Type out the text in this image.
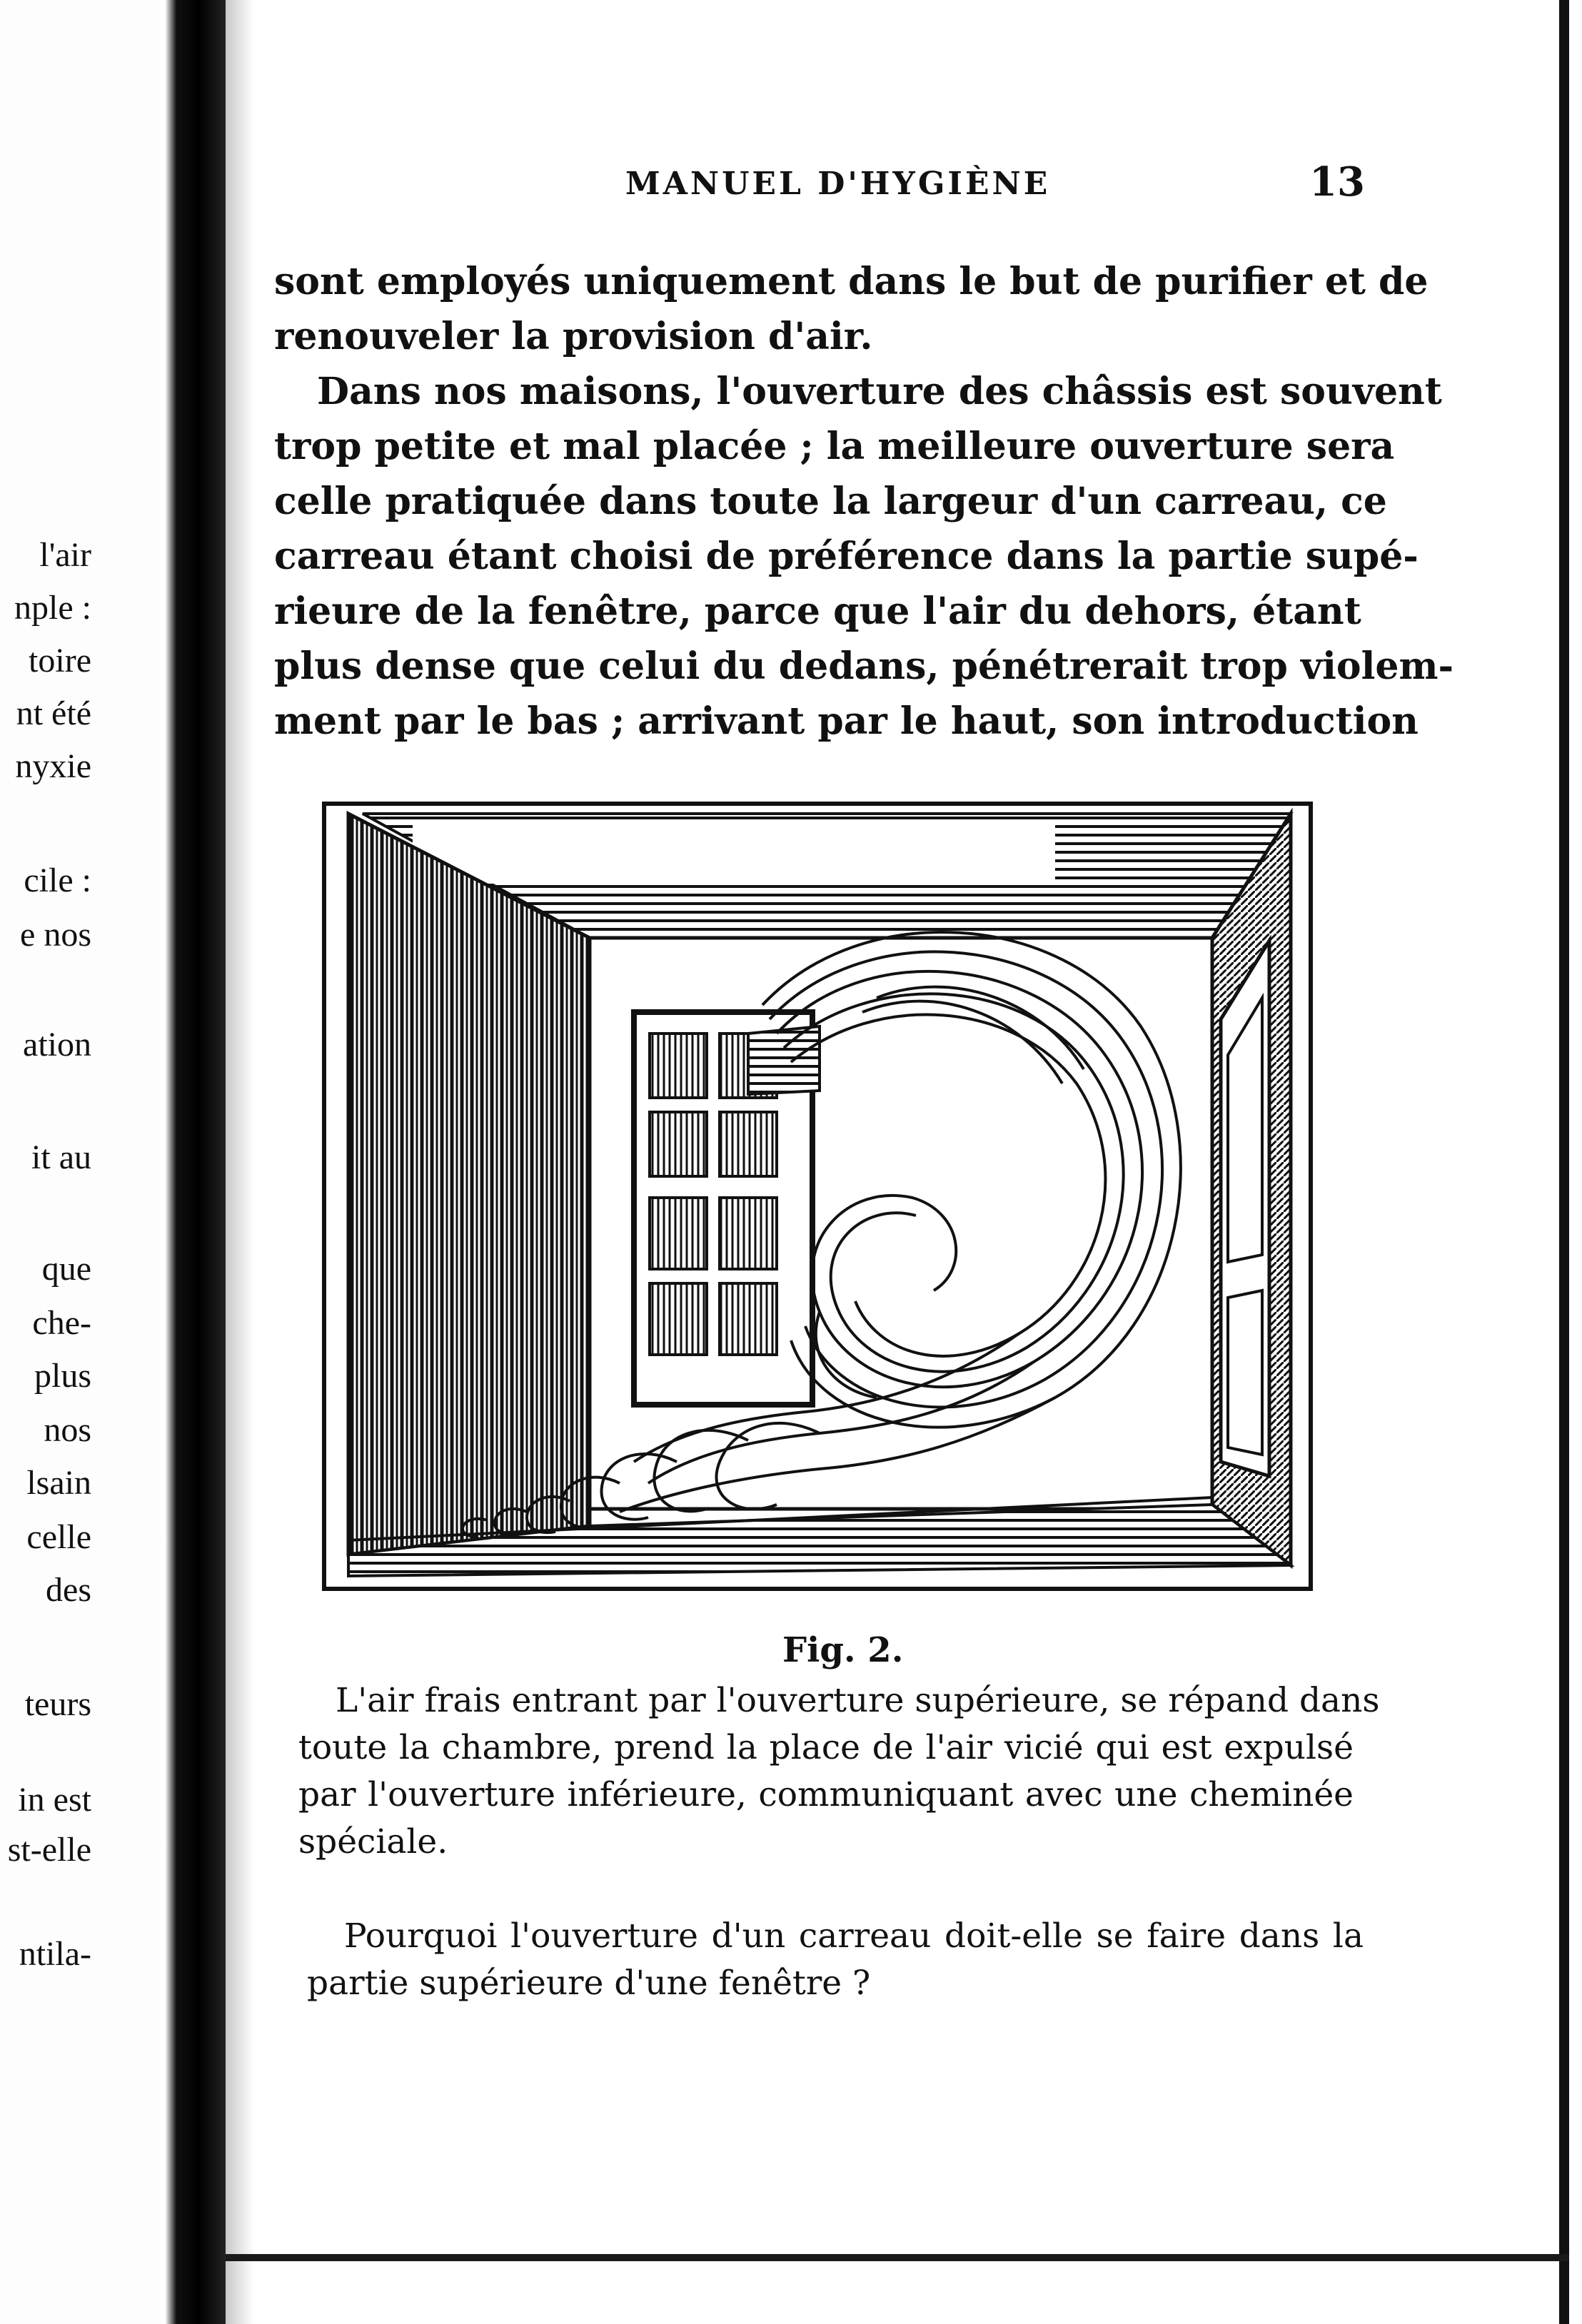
l'air
nple :
toire
nt été
nyxie
cile :
e nos
ation
it au
que
che-
plus
nos
lsain
celle
des
teurs
in est
st-elle
ntila-
MANUEL D'HYGIÈNE	13
sont employés uniquement dans le but de purifier et de
renouveler la provision d'air.
Dans nos maisons, l'ouverture des châssis est souvent
trop petite et mal placée ; la meilleure ouverture sera
celle pratiquée dans toute la largeur d'un carreau, ce
carreau étant choisi de préférence dans la partie supé-
rieure de la fenêtre, parce que l'air du dehors, étant
plus dense que celui du dedans, pénétrerait trop violem-
ment par le bas ; arrivant par le haut, son introduction
Fig. 2.
L'air frais entrant par l'ouverture supérieure, se répand dans
toute la chambre, prend la place de l'air vicié qui est expulsé
par l'ouverture inférieure, communiquant avec une cheminée
spéciale.
Pourquoi l'ouverture d'un carreau doit-elle se faire dans la
partie supérieure d'une fenêtre ?
